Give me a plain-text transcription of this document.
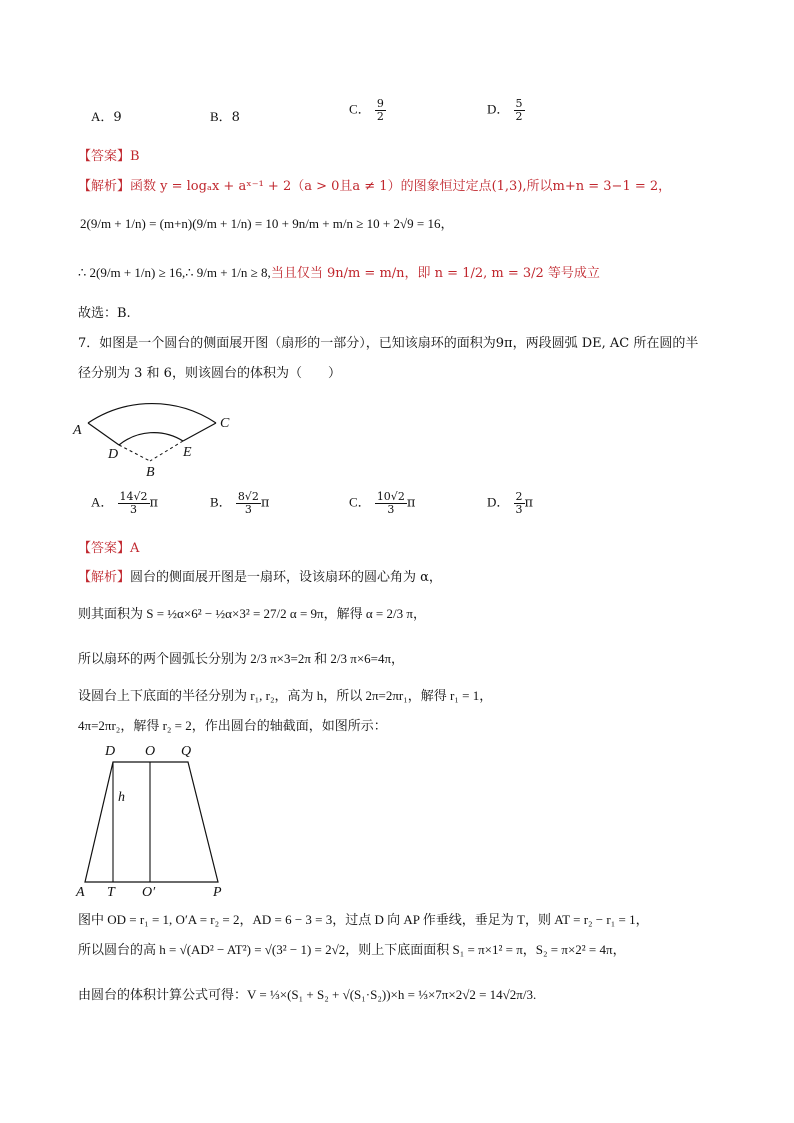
A．9	B．8
C． $\frac{9}{2}$	D． $\frac{5}{2}$
【答案】B
【解析】函数 y = logₐx + aˣ⁻¹ + 2（a > 0且a ≠ 1）的图象恒过定点(1,3),所以m+n = 3−1 = 2，
2(9/m + 1/n) = (m+n)(9/m + 1/n) = 10 + 9n/m + m/n ≥ 10 + 2√9 = 16，
∴ 2(9/m + 1/n) ≥ 16,∴ 9/m + 1/n ≥ 8,当且仅当 9n/m = m/n，即 n = 1/2, m = 3/2 等号成立
故选：B.
7．如图是一个圆台的侧面展开图（扇形的一部分），已知该扇环的面积为9π，两段圆弧 DE, AC 所在圆的半
径分别为 3 和 6，则该圆台的体积为（　　）
A	C
D	E
B
A． $\frac{14√2}{3}$ π	B． $\frac{8√2}{3}$ π	C． $\frac{10√2}{3}$ π	D． $\frac{2}{3}$ π
【答案】A
【解析】圆台的侧面展开图是一扇环，设该扇环的圆心角为 α，
则其面积为 S = ½α×6² − ½α×3² = 27/2 α = 9π，解得 α = 2/3 π，
所以扇环的两个圆弧长分别为 2/3 π×3=2π 和 2/3 π×6=4π，
设圆台上下底面的半径分别为 r₁, r₂，高为 h，所以 2π=2πr₁，解得 r₁ = 1，
4π=2πr₂，解得 r₂ = 2，作出圆台的轴截面，如图所示：
D O Q
h
A T O′	P
图中 OD = r₁ = 1, O′A = r₂ = 2，AD = 6 − 3 = 3，过点 D 向 AP 作垂线，垂足为 T，则 AT = r₂ − r₁ = 1，
所以圆台的高 h = √(AD² − AT²) = √(3² − 1) = 2√2，则上下底面面积 S₁ = π×1² = π，S₂ = π×2² = 4π，
由圆台的体积计算公式可得：V = ⅓×(S₁ + S₂ + √(S₁·S₂))×h = ⅓×7π×2√2 = 14√2π/3.
